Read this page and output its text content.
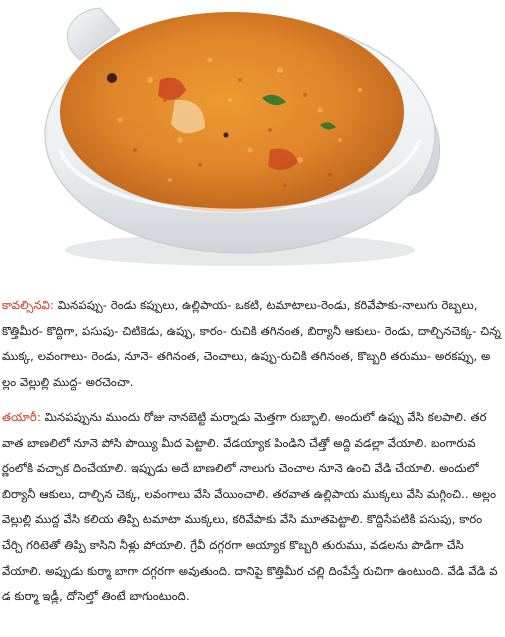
కావల్సినవి: మినపప్పు- రెండు కప్పులు, ఉల్లిపాయ- ఒకటి, టమాటాలు-రెండు, కరివేపాకు-నాలుగు రెబ్బలు, కొత్తిమీర- కొద్దిగా, పసుపు- చిటికెడు, ఉప్పు, కారం- రుచికి తగినంత, బిర్యానీ ఆకులు- రెండు, దాల్చినచెక్క- చిన్నముక్క, లవంగాలు- రెండు, నూనె- తగినంత, చెంచాలు, ఉప్పు-రుచికి తగినంత, కొబ్బరి తరుము- అరకప్పు, అల్లం వెల్లుల్లి ముద్ద- అరచెంచా.

తయారీ: మినపప్పును ముందు రోజు నానబెట్టి మర్నాడు మెత్తగా రుబ్బాలి. అందులో ఉప్పు వేసి కలపాలి. తరవాత బాణలిలో నూనె పోసి పొయ్యి మీద పెట్టాలి. వేడయ్యాక పిండిని చేత్తో అద్ది వడల్లా వేయాలి. బంగారువర్ణంలోకి వచ్చాక దించేయాలి. ఇప్పుడు అదే బాణలిలో నాలుగు చెంచాల నూనె ఉంచి వేడి చేయాలి. అందులో బిర్యానీ ఆకులు, దాల్చిన చెక్క, లవంగాలు వేసి వేయించాలి. తరవాత ఉల్లిపాయ ముక్కలు వేసి మగ్గించి.. అల్లం వెల్లుల్లి ముద్ద వేసి కలియ తిప్పి టమాటా ముక్కలు, కరివేపాకు వేసి మూతపెట్టాలి. కొద్దిసేపటికి పసుపు, కారం చేర్చి గరిటెతో తిప్పి కాసిని నీళ్లు పోయాలి. గ్రేవీ దగ్గరగా అయ్యాక కొబ్బరి తురుము, వడలను పొడిగా చేసి వేయాలి. అప్పుడు కుర్మా బాగా దగ్గరగా అవుతుంది. దానిపై కొత్తిమీర చల్లి దింపేస్తే రుచిగా ఉంటుంది. వేడి వేడి వడ కుర్మా ఇడ్లీ, దోసెల్తో తింటే బాగుంటుంది.
